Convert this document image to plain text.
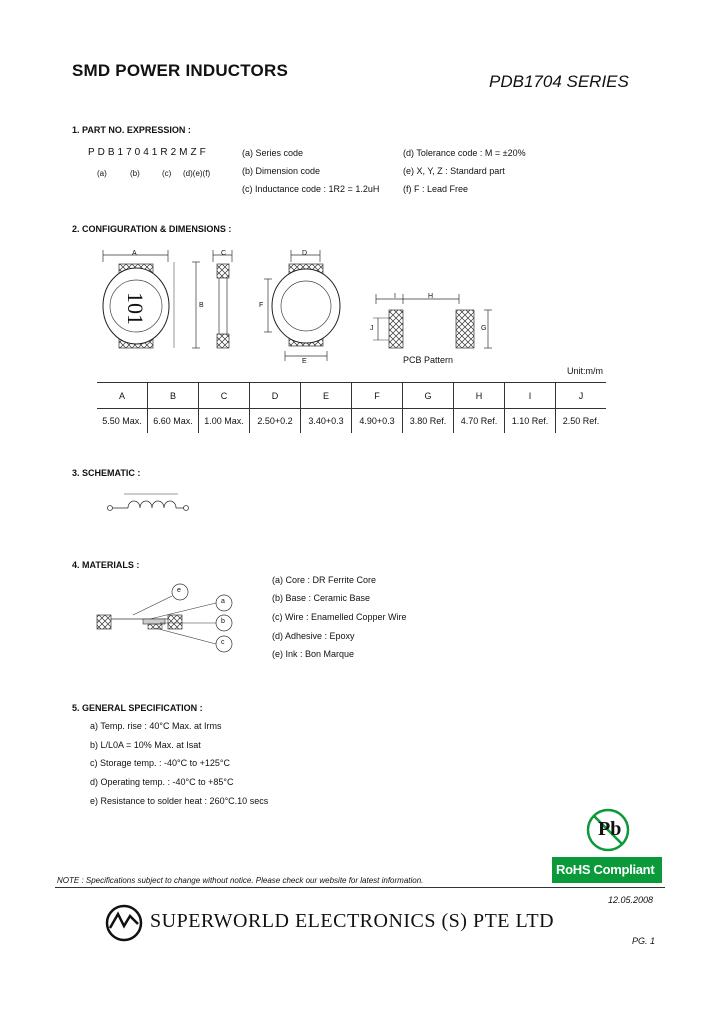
SMD POWER INDUCTORS
PDB1704 SERIES
1. PART NO. EXPRESSION :
PDB17041R2MZF
(a)	(b)	(c) (d)(e)(f)
(a) Series code
(b) Dimension code
(c) Inductance code : 1R2 = 1.2uH
(d) Tolerance code : M = ±20%
(e) X, Y, Z : Standard part
(f) F : Lead Free
2. CONFIGURATION & DIMENSIONS :
A
B
C	D
E
F
G
H
I
J
101
PCB Pattern
Unit:m/m
A	B	C	D	E	F	G	H	I	J
5.50 Max.	6.60 Max.	1.00 Max.	2.50+0.2	3.40+0.3	4.90+0.3	3.80 Ref.	4.70 Ref.	1.10 Ref.	2.50 Ref.
3. SCHEMATIC :
4. MATERIALS :
e
a
b
c
(a) Core : DR Ferrite Core
(b) Base : Ceramic Base
(c) Wire : Enamelled Copper Wire
(d) Adhesive : Epoxy
(e) Ink : Bon Marque
5. GENERAL SPECIFICATION :
a) Temp. rise : 40°C Max. at Irms
b) L/L0A = 10% Max. at Isat
c) Storage temp. : -40°C to +125°C
d) Operating temp. : -40°C to +85°C
e) Resistance to solder heat : 260°C.10 secs
Pb
RoHS Compliant
NOTE : Specifications subject to change without notice. Please check our website for latest information.
12.05.2008
SUPERWORLD ELECTRONICS (S) PTE LTD
PG. 1
